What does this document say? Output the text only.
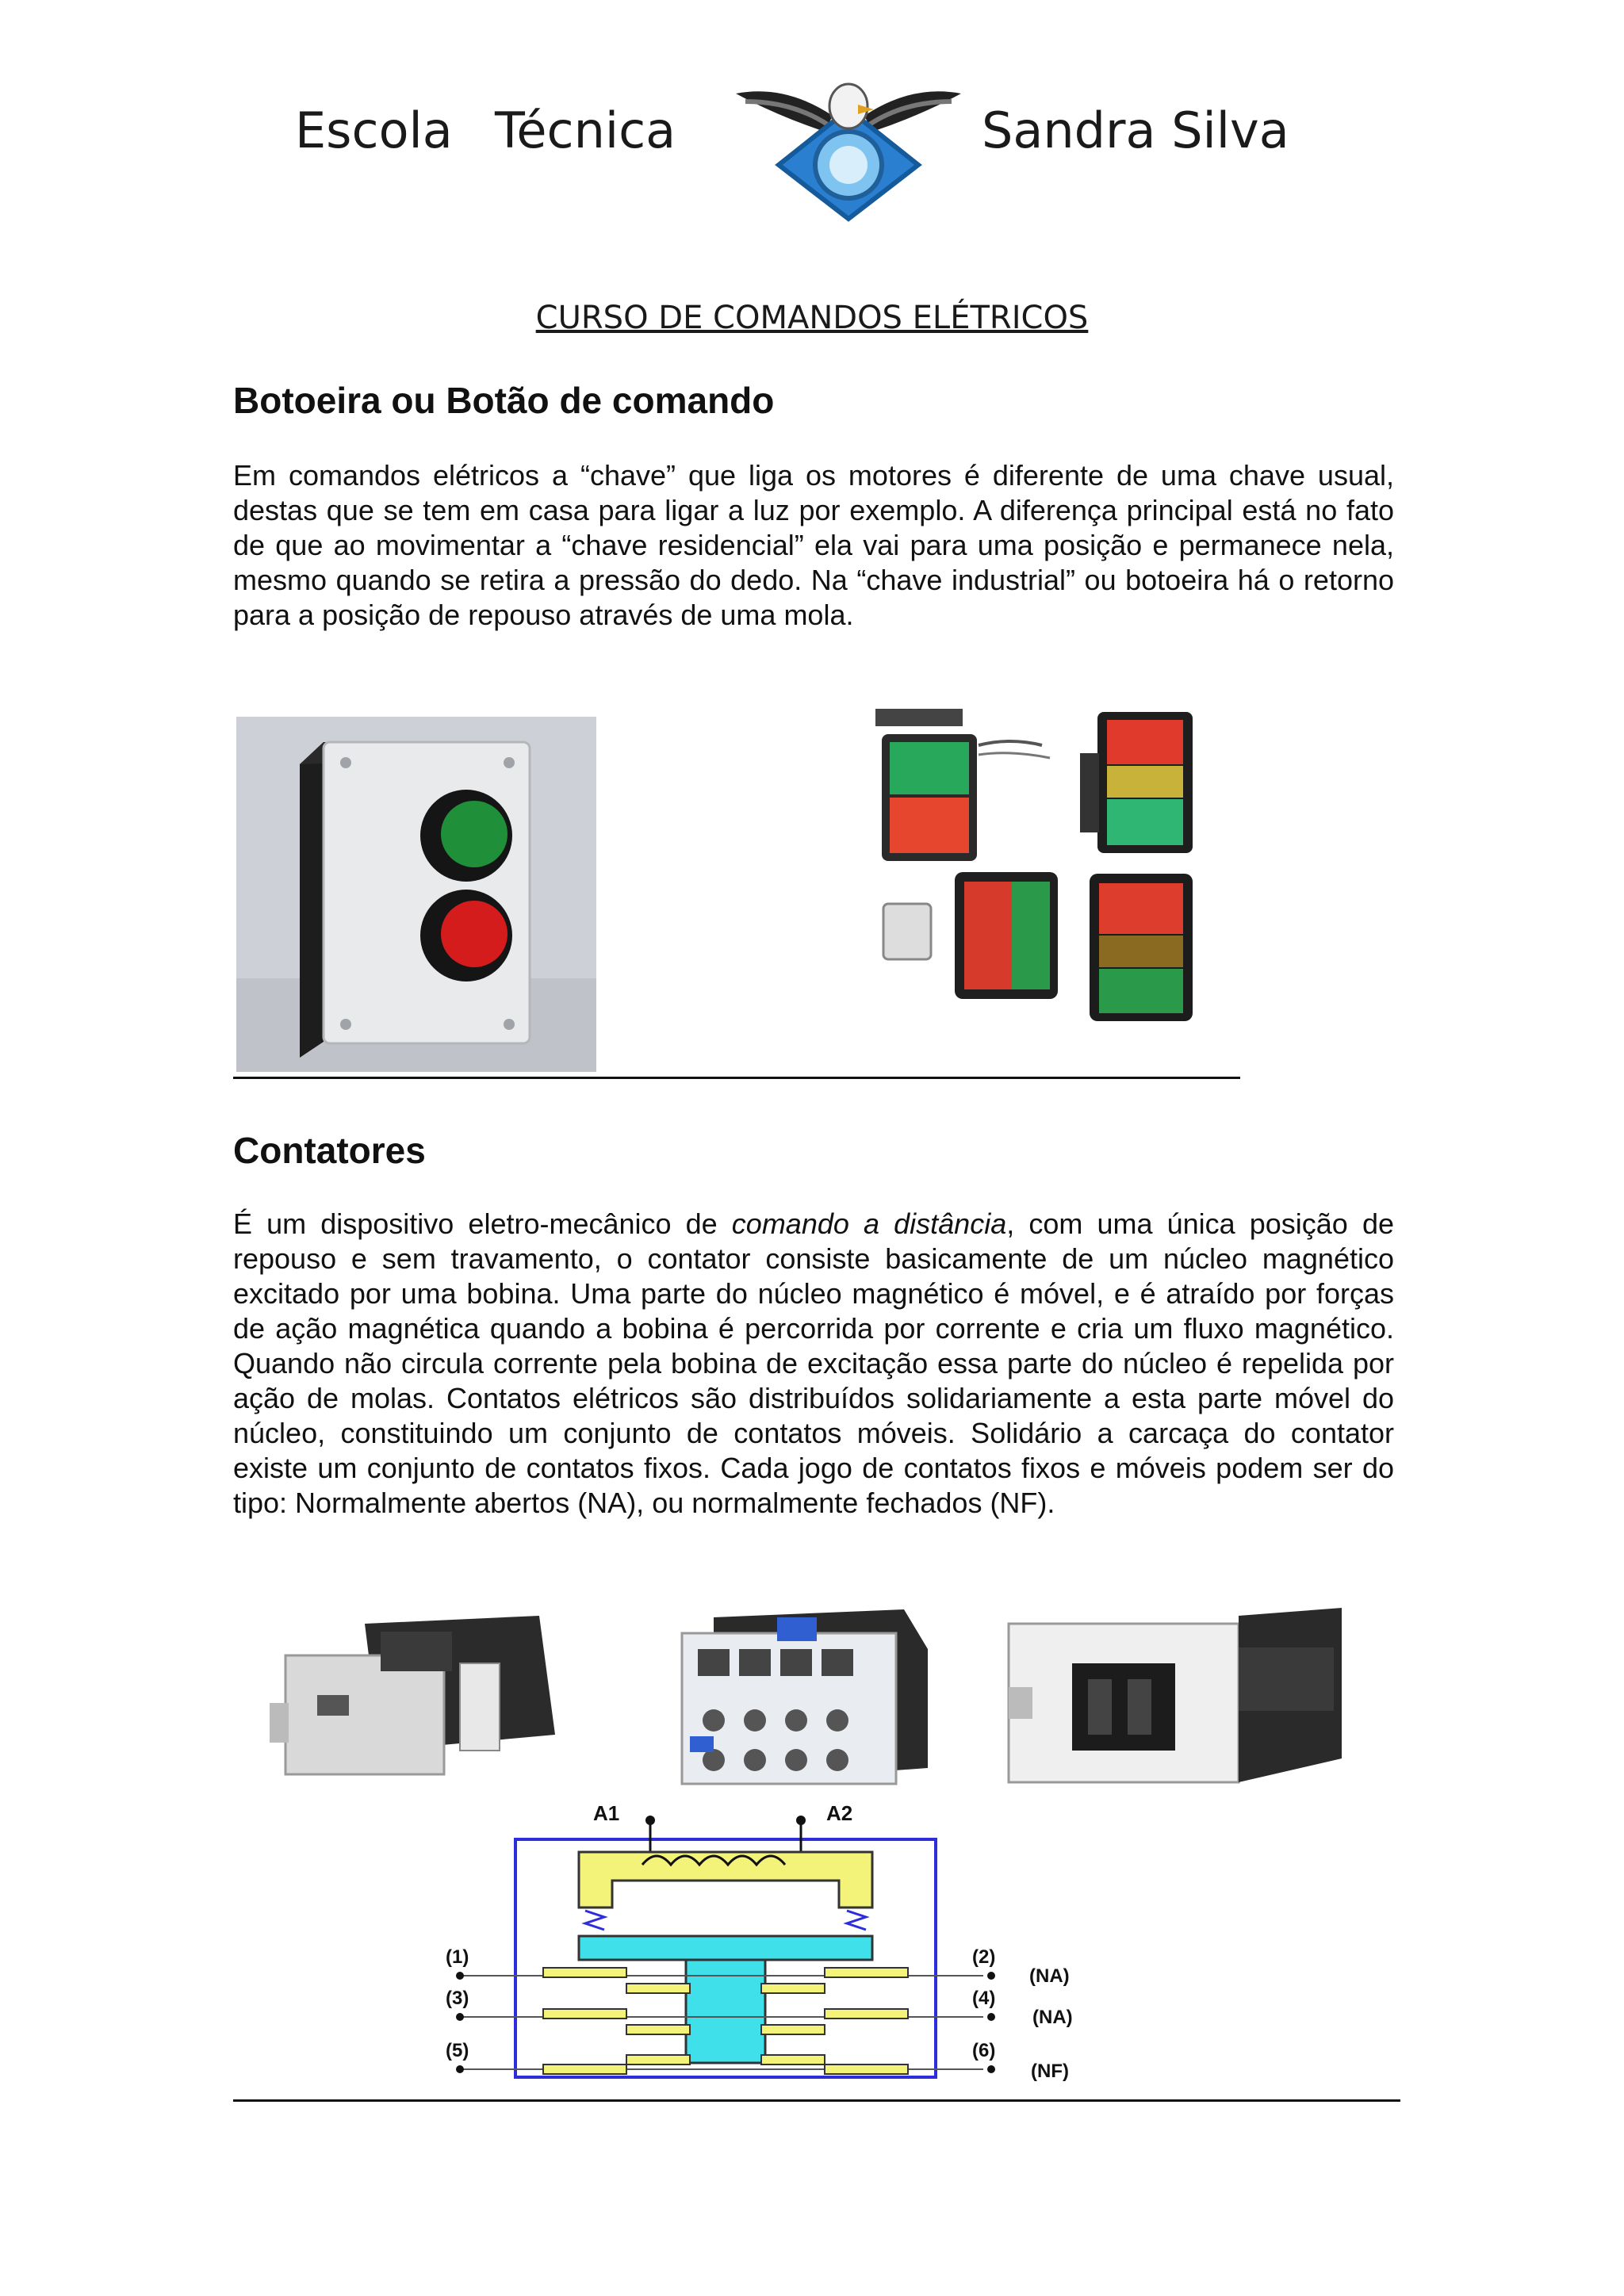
Escola Técnica	Sandra Silva
CURSO DE COMANDOS ELÉTRICOS
Botoeira ou Botão de comando
Em comandos elétricos a “chave” que liga os motores é diferente de uma chave usual, destas que se tem em casa para ligar a luz por exemplo. A diferença principal está no fato de que ao movimentar a “chave residencial” ela vai para uma posição e permanece nela, mesmo quando se retira a pressão do dedo. Na “chave industrial” ou botoeira há o retorno para a posição de repouso através de uma mola.
Contatores
É um dispositivo eletro-mecânico de comando a distância, com uma única posição de repouso e sem travamento, o contator consiste basicamente de um núcleo magnético excitado por uma bobina. Uma parte do núcleo magnético é móvel, e é atraído por forças de ação magnética quando a bobina é percorrida por corrente e cria um fluxo magnético. Quando não circula corrente pela bobina de excitação essa parte do núcleo é repelida por ação de molas. Contatos elétricos são distribuídos solidariamente a esta parte móvel do núcleo, constituindo um conjunto de contatos móveis. Solidário a carcaça do contator existe um conjunto de contatos fixos. Cada jogo de contatos fixos e móveis podem ser do tipo: Normalmente abertos (NA), ou normalmente fechados (NF).
A1	A2
(1)
(3)
(5)
(2)
(4)
(6)
(NA)
(NA)
(NF)
